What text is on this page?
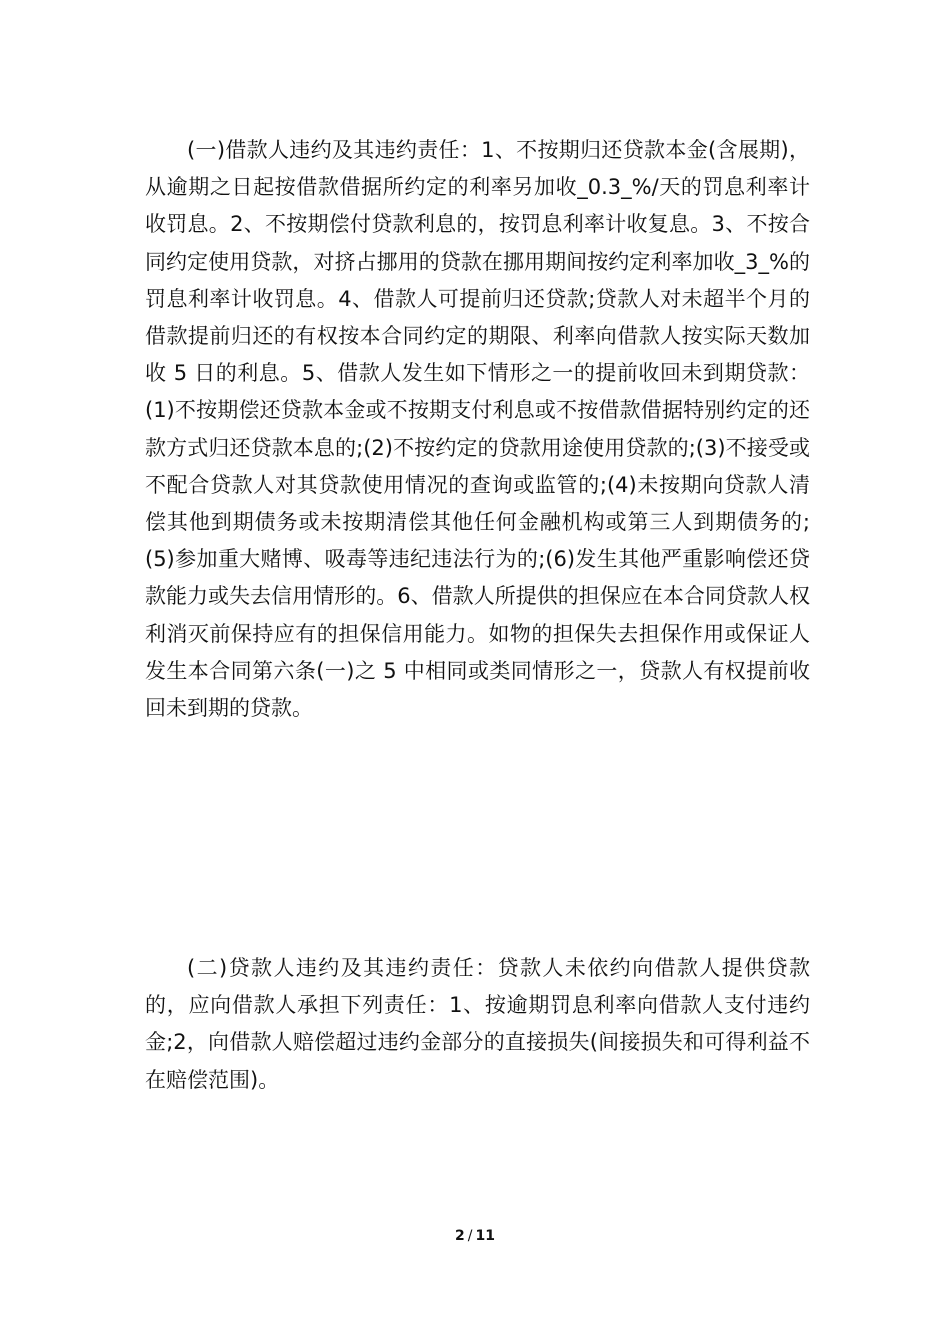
(一)借款人违约及其违约责任：1、不按期归还贷款本金(含展期)，从逾期之日起按借款借据所约定的利率另加收_0.3_%/天的罚息利率计收罚息。2、不按期偿付贷款利息的，按罚息利率计收复息。3、不按合同约定使用贷款，对挤占挪用的贷款在挪用期间按约定利率加收_3_%的罚息利率计收罚息。4、借款人可提前归还贷款;贷款人对未超半个月的借款提前归还的有权按本合同约定的期限、利率向借款人按实际天数加收 5 日的利息。5、借款人发生如下情形之一的提前收回未到期贷款：(1)不按期偿还贷款本金或不按期支付利息或不按借款借据特别约定的还款方式归还贷款本息的;(2)不按约定的贷款用途使用贷款的;(3)不接受或不配合贷款人对其贷款使用情况的查询或监管的;(4)未按期向贷款人清偿其他到期债务或未按期清偿其他任何金融机构或第三人到期债务的;(5)参加重大赌博、吸毒等违纪违法行为的;(6)发生其他严重影响偿还贷款能力或失去信用情形的。6、借款人所提供的担保应在本合同贷款人权利消灭前保持应有的担保信用能力。如物的担保失去担保作用或保证人发生本合同第六条(一)之 5 中相同或类同情形之一，贷款人有权提前收回未到期的贷款。

(二)贷款人违约及其违约责任：贷款人未依约向借款人提供贷款的，应向借款人承担下列责任：1、按逾期罚息利率向借款人支付违约金;2，向借款人赔偿超过违约金部分的直接损失(间接损失和可得利益不在赔偿范围)。

2 / 11
